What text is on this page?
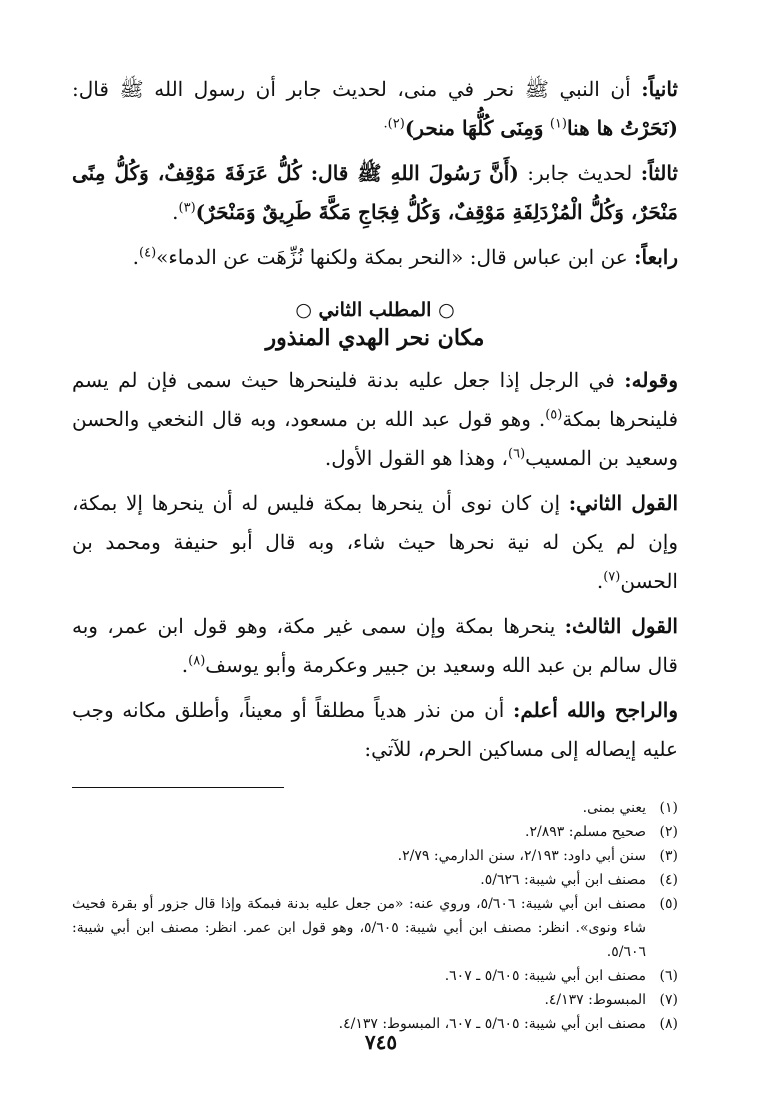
ثانياً: أن النبي ﷺ نحر في منى، لحديث جابر أن رسول الله ﷺ قال: (نَحَرْتُ ها هنا$^{(١)}$ وَمِنَى كُلُّهَا منحر)$^{(٢).}$

ثالثاً: لحديث جابر: (أَنَّ رَسُولَ اللهِ ﷺ قال: كُلُّ عَرَفَةَ مَوْقِفٌ، وَكُلُّ مِنًى مَنْحَرٌ، وَكُلُّ الْمُزْدَلِفَةِ مَوْقِفٌ، وَكُلُّ فِجَاجِ مَكَّةَ طَرِيقٌ وَمَنْحَرٌ)$^{(٣)}$.

رابعاً: عن ابن عباس قال: «النحر بمكة ولكنها نُزِّهَت عن الدماء»$^{(٤)}$.

○ المطلب الثاني ○
مكان نحر الهدي المنذور

وقوله: في الرجل إذا جعل عليه بدنة فلينحرها حيث سمى فإن لم يسم فلينحرها بمكة$^{(٥)}$. وهو قول عبد الله بن مسعود، وبه قال النخعي والحسن وسعيد بن المسيب$^{(٦)}$، وهذا هو القول الأول.

القول الثاني: إن كان نوى أن ينحرها بمكة فليس له أن ينحرها إلا بمكة، وإن لم يكن له نية نحرها حيث شاء، وبه قال أبو حنيفة ومحمد بن الحسن$^{(٧)}$.

القول الثالث: ينحرها بمكة وإن سمى غير مكة، وهو قول ابن عمر، وبه قال سالم بن عبد الله وسعيد بن جبير وعكرمة وأبو يوسف$^{(٨)}$.

والراجح والله أعلم: أن من نذر هدياً مطلقاً أو معيناً، وأطلق مكانه وجب عليه إيصاله إلى مساكين الحرم، للآتي:

(١)
يعني بمنى.
(٢)
صحيح مسلم: ٢/٨٩٣.
(٣)
سنن أبي داود: ٢/١٩٣، سنن الدارمي: ٢/٧٩.
(٤)
مصنف ابن أبي شيبة: ٥/٦٢٦.
(٥)
مصنف ابن أبي شيبة: ٥/٦٠٦، وروي عنه: «من جعل عليه بدنة فبمكة وإذا قال جزور أو بقرة فحيث شاء ونوى». انظر: مصنف ابن أبي شيبة: ٥/٦٠٥، وهو قول ابن عمر. انظر: مصنف ابن أبي شيبة: ٥/٦٠٦.
(٦)
مصنف ابن أبي شيبة: ٥/٦٠٥ ـ ٦٠٧.
(٧)
المبسوط: ٤/١٣٧.
(٨)
مصنف ابن أبي شيبة: ٥/٦٠٥ ـ ٦٠٧، المبسوط: ٤/١٣٧.
٧٤٥
